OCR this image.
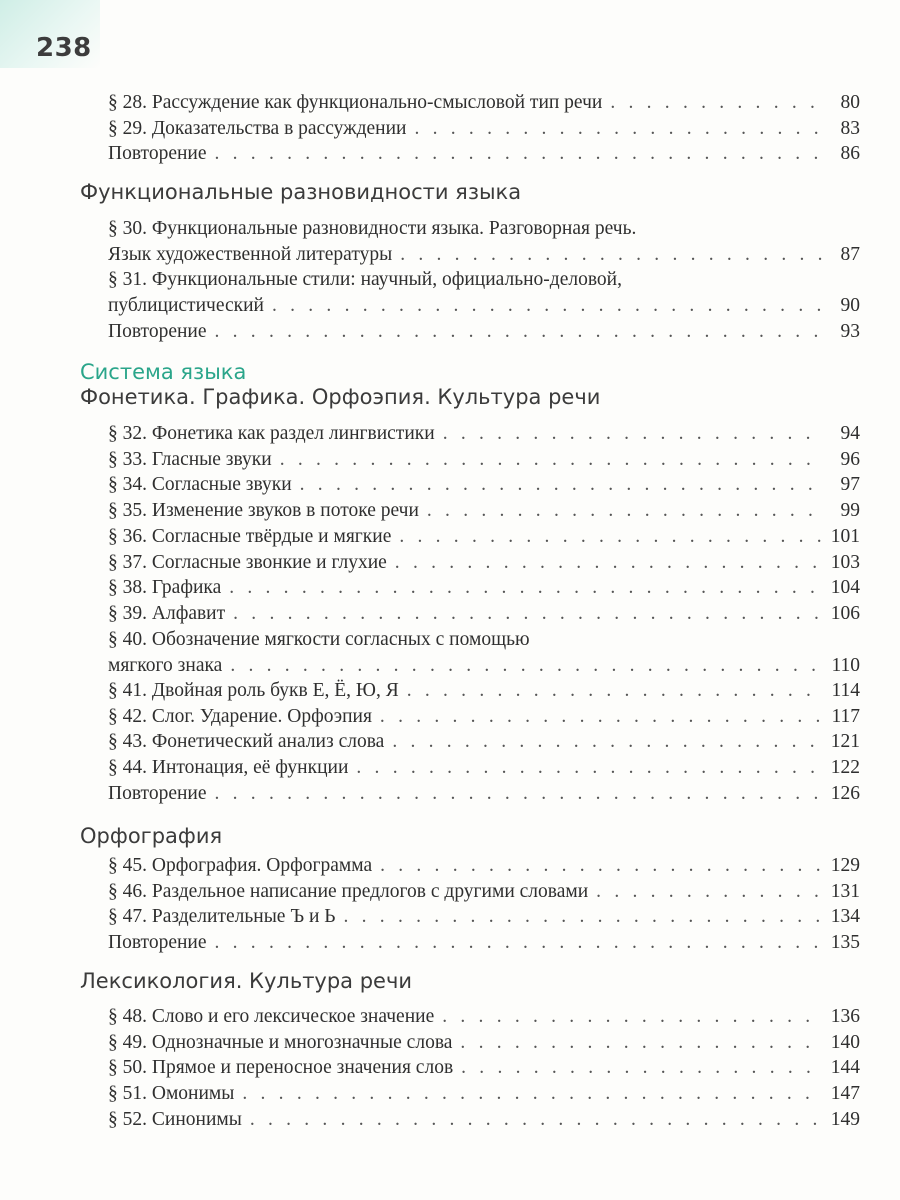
238
§ 28. Рассуждение как функционально-смысловой тип речи . . .	80
§ 29. Доказательства в рассуждении . . .	83
Повторение . . .	86
Функциональные разновидности языка
§ 30. Функциональные разновидности языка. Разговорная речь.
Язык художественной литературы . . .	87
§ 31. Функциональные стили: научный, официально-деловой,
публицистический . . .	90
Повторение . . .	93
Система языка
Фонетика. Графика. Орфоэпия. Культура речи
§ 32. Фонетика как раздел лингвистики . . .	94
§ 33. Гласные звуки . . .	96
§ 34. Согласные звуки . . .	97
§ 35. Изменение звуков в потоке речи . . .	99
§ 36. Согласные твёрдые и мягкие . . .	101
§ 37. Согласные звонкие и глухие . . .	103
§ 38. Графика . . .	104
§ 39. Алфавит . . .	106
§ 40. Обозначение мягкости согласных с помощью
мягкого знака . . .	110
§ 41. Двойная роль букв Е, Ё, Ю, Я . . .	114
§ 42. Слог. Ударение. Орфоэпия . . .	117
§ 43. Фонетический анализ слова . . .	121
§ 44. Интонация, её функции . . .	122
Повторение . . .	126
Орфография
§ 45. Орфография. Орфограмма . . .	129
§ 46. Раздельное написание предлогов с другими словами . . .	131
§ 47. Разделительные Ъ и Ь . . .	134
Повторение . . .	135
Лексикология. Культура речи
§ 48. Слово и его лексическое значение . . .	136
§ 49. Однозначные и многозначные слова . . .	140
§ 50. Прямое и переносное значения слов . . .	144
§ 51. Омонимы . . .	147
§ 52. Синонимы . . .	149
